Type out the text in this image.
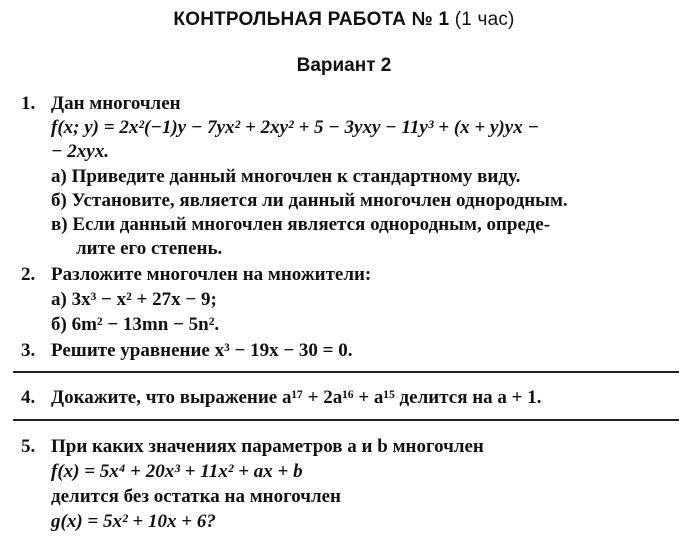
КОНТРОЛЬНАЯ РАБОТА № 1 (1 час)
Вариант 2
1. Дан многочлен
f(x; y) = 2x²(−1)y − 7yx² + 2xy² + 5 − 3yxy − 11y³ + (x + y)yx −
− 2xyx.
а) Приведите данный многочлен к стандартному виду.
б) Установите, является ли данный многочлен однородным.
в) Если данный многочлен является однородным, опреде-
лите его степень.
2. Разложите многочлен на множители:
а) 3x³ − x² + 27x − 9;
б) 6m² − 13mn − 5n².
3. Решите уравнение x³ − 19x − 30 = 0.
4. Докажите, что выражение a¹⁷ + 2a¹⁶ + a¹⁵ делится на a + 1.
5. При каких значениях параметров a и b многочлен
f(x) = 5x⁴ + 20x³ + 11x² + ax + b
делится без остатка на многочлен
g(x) = 5x² + 10x + 6?
